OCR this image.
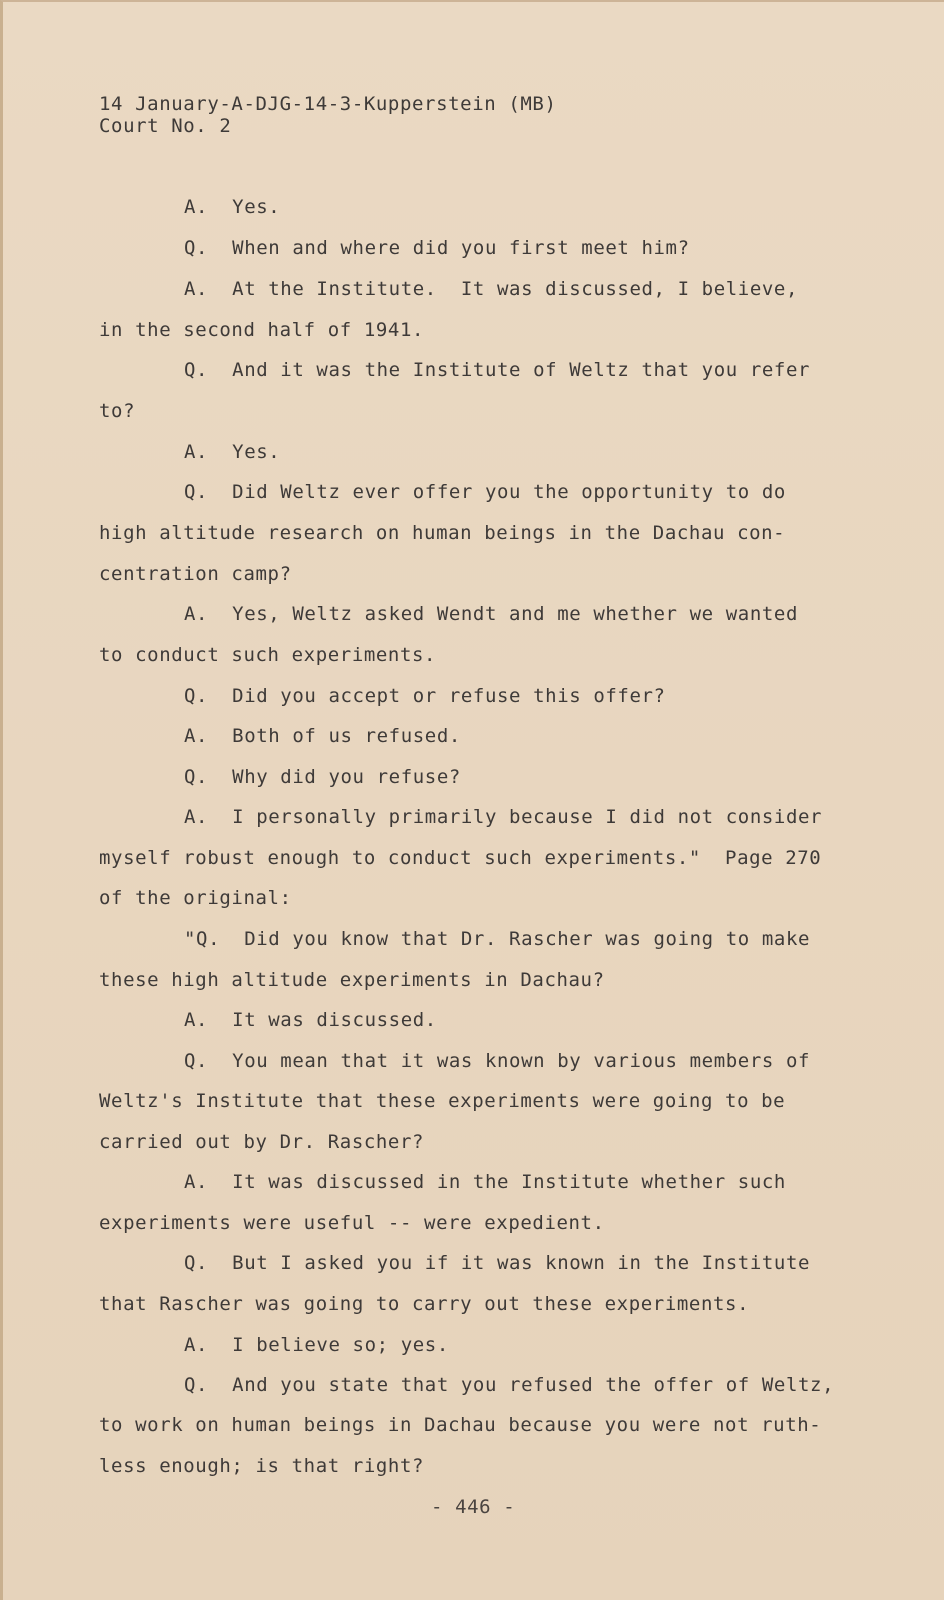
14 January-A-DJG-14-3-Kupperstein (MB)
Court No. 2
A.  Yes.
Q.  When and where did you first meet him?
A.  At the Institute.  It was discussed, I believe,
in the second half of 1941.
Q.  And it was the Institute of Weltz that you refer
to?
A.  Yes.
Q.  Did Weltz ever offer you the opportunity to do
high altitude research on human beings in the Dachau con-
centration camp?
A.  Yes, Weltz asked Wendt and me whether we wanted
to conduct such experiments.
Q.  Did you accept or refuse this offer?
A.  Both of us refused.
Q.  Why did you refuse?
A.  I personally primarily because I did not consider
myself robust enough to conduct such experiments."  Page 270
of the original:
"Q.  Did you know that Dr. Rascher was going to make
these high altitude experiments in Dachau?
A.  It was discussed.
Q.  You mean that it was known by various members of
Weltz's Institute that these experiments were going to be
carried out by Dr. Rascher?
A.  It was discussed in the Institute whether such
experiments were useful -- were expedient.
Q.  But I asked you if it was known in the Institute
that Rascher was going to carry out these experiments.
A.  I believe so; yes.
Q.  And you state that you refused the offer of Weltz,
to work on human beings in Dachau because you were not ruth-
less enough; is that right?
- 446 -
